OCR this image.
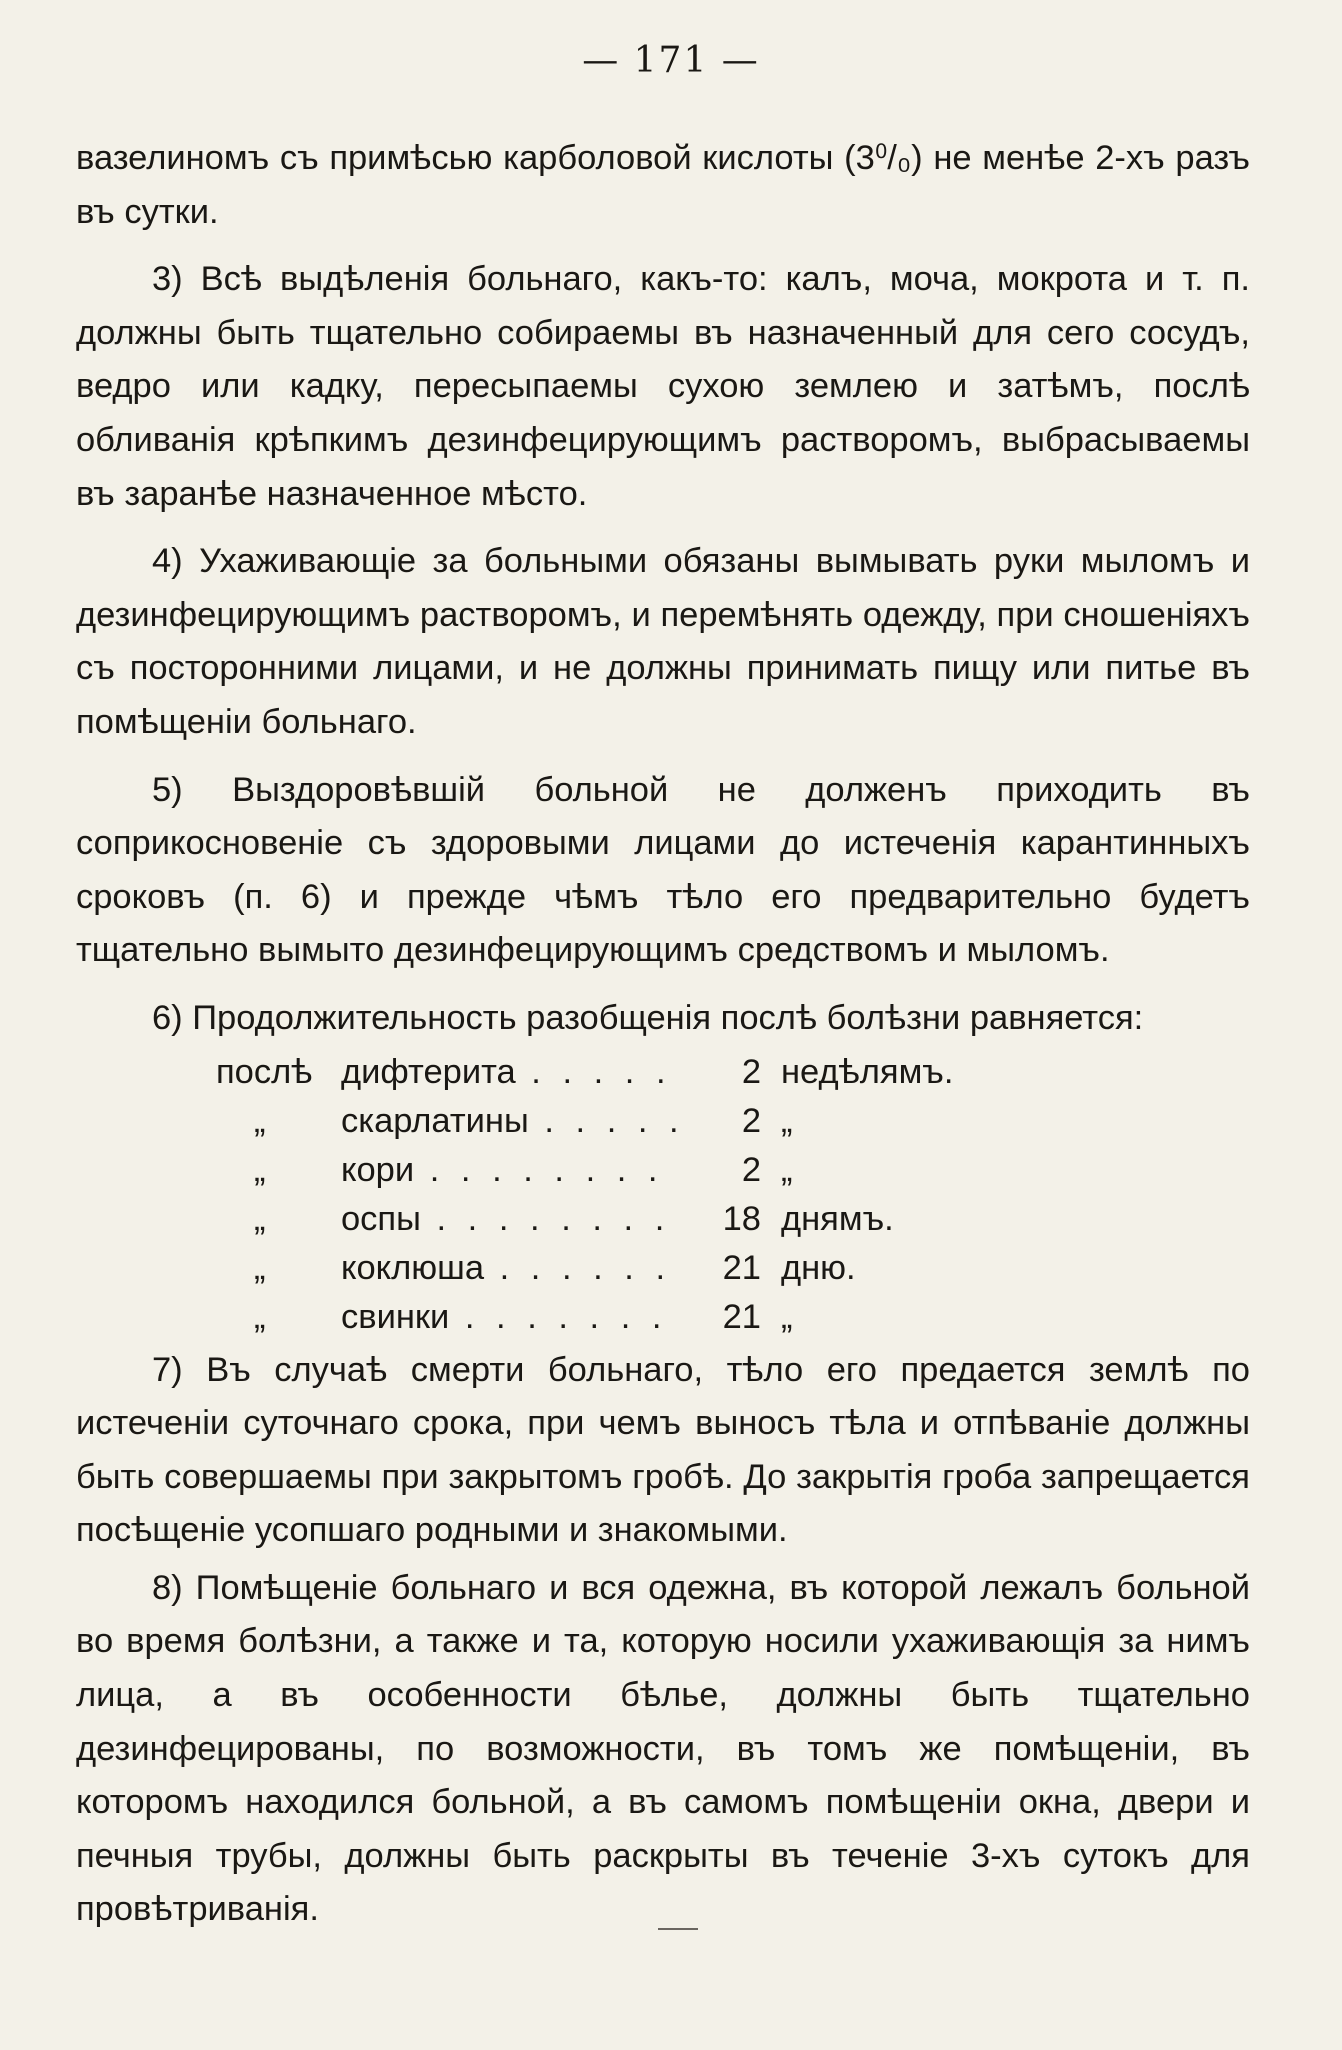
— 171 —

вазелиномъ съ примѣсью карболовой кислоты (3⁰/₀) не менѣе 2-хъ разъ въ сутки.

3) Всѣ выдѣленія больнаго, какъ-то: калъ, моча, мокрота и т. п. должны быть тщательно собираемы въ назначенный для сего сосудъ, ведро или кадку, пересыпаемы сухою землею и затѣмъ, послѣ обливанія крѣпкимъ дезинфецирующимъ растворомъ, выбрасываемы въ заранѣе назначенное мѣсто.

4) Ухаживающіе за больными обязаны вымывать руки мыломъ и дезинфецирующимъ растворомъ, и перемѣнять одежду, при сношеніяхъ съ посторонними лицами, и не должны принимать пищу или питье въ помѣщеніи больнаго.

5) Выздоровѣвшій больной не долженъ приходить въ соприкосновеніе съ здоровыми лицами до истеченія карантинныхъ сроковъ (п. 6) и прежде чѣмъ тѣло его предварительно будетъ тщательно вымыто дезинфецирующимъ средствомъ и мыломъ.

6) Продолжительность разобщенія послѣ болѣзни равняется:

послѣ дифтерита . . .	2 недѣлямъ.
„	скарлатины . . .	2 „
„	кори . . .	2 „
„	оспы . . .	18 днямъ.
„	коклюша . . .	21 дню.
„	свинки . . .	21 „

7) Въ случаѣ смерти больнаго, тѣло его предается землѣ по истеченіи суточнаго срока, при чемъ выносъ тѣла и отпѣваніе должны быть совершаемы при закрытомъ гробѣ. До закрытія гроба запрещается посѣщеніе усопшаго родными и знакомыми.

8) Помѣщеніе больнаго и вся одежна, въ которой лежалъ больной во время болѣзни, а также и та, которую носили ухаживающія за нимъ лица, а въ особенности бѣлье, должны быть тщательно дезинфецированы, по возможности, въ томъ же помѣщеніи, въ которомъ находился больной, а въ самомъ помѣщеніи окна, двери и печныя трубы, должны быть раскрыты въ теченіе 3-хъ сутокъ для провѣтриванія.
